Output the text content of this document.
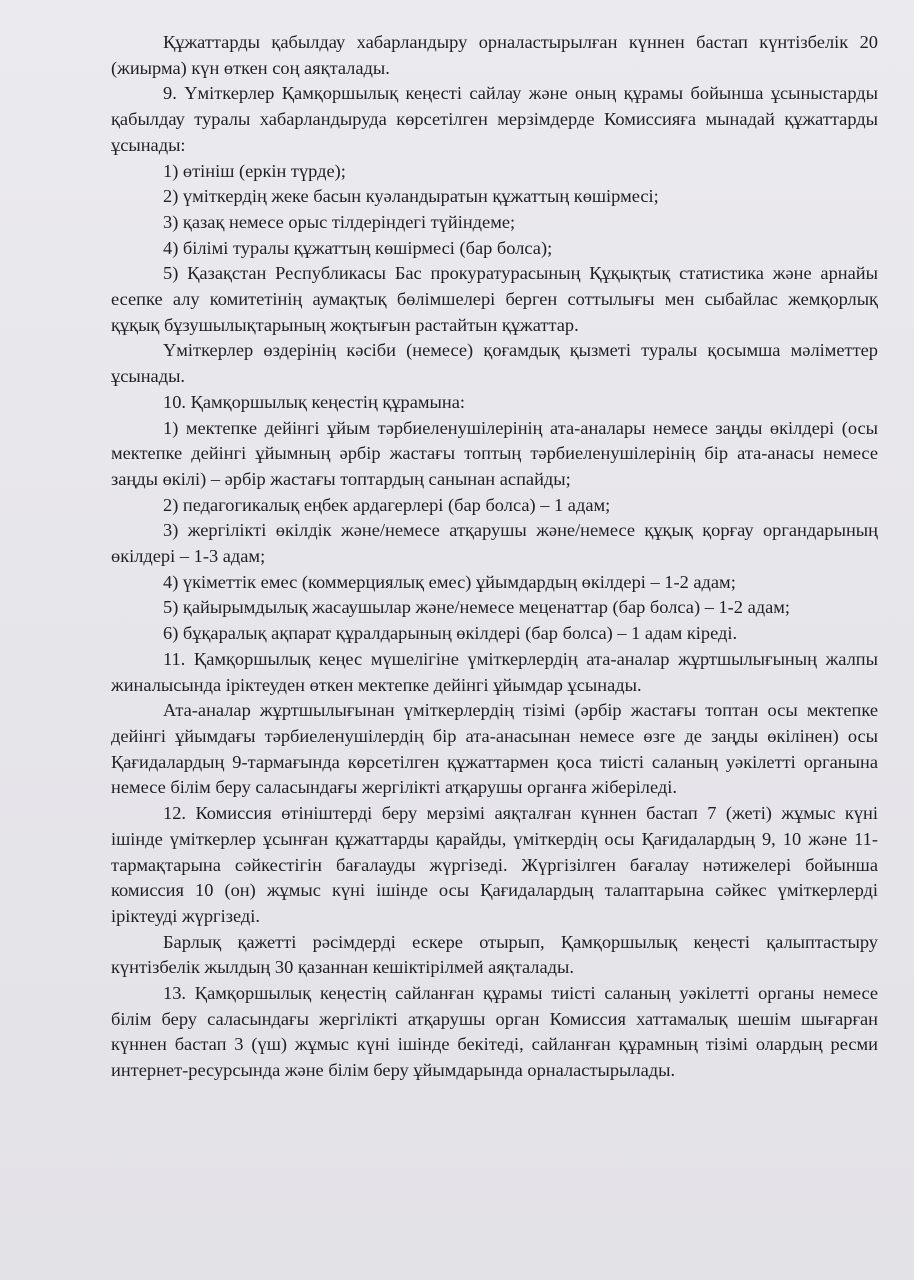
Құжаттарды қабылдау хабарландыру орналастырылған күннен бастап күнтізбелік 20 (жиырма) күн өткен соң аяқталады.

9. Үміткерлер Қамқоршылық кеңесті сайлау және оның құрамы бойынша ұсыныстарды қабылдау туралы хабарландыруда көрсетілген мерзімдерде Комиссияға мынадай құжаттарды ұсынады:

1) өтініш (еркін түрде);

2) үміткердің жеке басын куәландыратын құжаттың көшірмесі;

3) қазақ немесе орыс тілдеріндегі түйіндеме;

4) білімі туралы құжаттың көшірмесі (бар болса);

5) Қазақстан Республикасы Бас прокуратурасының Құқықтық статистика және арнайы есепке алу комитетінің аумақтық бөлімшелері берген соттылығы мен сыбайлас жемқорлық құқық бұзушылықтарының жоқтығын растайтын құжаттар.

Үміткерлер өздерінің кәсіби (немесе) қоғамдық қызметі туралы қосымша мәліметтер ұсынады.

10. Қамқоршылық кеңестің құрамына:

1) мектепке дейінгі ұйым тәрбиеленушілерінің ата-аналары немесе заңды өкілдері (осы мектепке дейінгі ұйымның әрбір жастағы топтың тәрбиеленушілерінің бір ата-анасы немесе заңды өкілі) – әрбір жастағы топтардың санынан аспайды;

2) педагогикалық еңбек ардагерлері (бар болса) – 1 адам;

3) жергілікті өкілдік және/немесе атқарушы және/немесе құқық қорғау органдарының өкілдері – 1-3 адам;

4) үкіметтік емес (коммерциялық емес) ұйымдардың өкілдері – 1-2 адам;

5) қайырымдылық жасаушылар және/немесе меценаттар (бар болса) – 1-2 адам;

6) бұқаралық ақпарат құралдарының өкілдері (бар болса) – 1 адам кіреді.

11. Қамқоршылық кеңес мүшелігіне үміткерлердің ата-аналар жұртшылығының жалпы жиналысында іріктеуден өткен мектепке дейінгі ұйымдар ұсынады.

Ата-аналар жұртшылығынан үміткерлердің тізімі (әрбір жастағы топтан осы мектепке дейінгі ұйымдағы тәрбиеленушілердің бір ата-анасынан немесе өзге де заңды өкілінен) осы Қағидалардың 9-тармағында көрсетілген құжаттармен қоса тиісті саланың уәкілетті органына немесе білім беру саласындағы жергілікті атқарушы органға жіберіледі.

12. Комиссия өтініштерді беру мерзімі аяқталған күннен бастап 7 (жеті) жұмыс күні ішінде үміткерлер ұсынған құжаттарды қарайды, үміткердің осы Қағидалардың 9, 10 және 11-тармақтарына сәйкестігін бағалауды жүргізеді. Жүргізілген бағалау нәтижелері бойынша комиссия 10 (он) жұмыс күні ішінде осы Қағидалардың талаптарына сәйкес үміткерлерді іріктеуді жүргізеді.

Барлық қажетті рәсімдерді ескере отырып, Қамқоршылық кеңесті қалыптастыру күнтізбелік жылдың 30 қазаннан кешіктірілмей аяқталады.

13. Қамқоршылық кеңестің сайланған құрамы тиісті саланың уәкілетті органы немесе білім беру саласындағы жергілікті атқарушы орган Комиссия хаттамалық шешім шығарған күннен бастап 3 (үш) жұмыс күні ішінде бекітеді, сайланған құрамның тізімі олардың ресми интернет-ресурсында және білім беру ұйымдарында орналастырылады.
